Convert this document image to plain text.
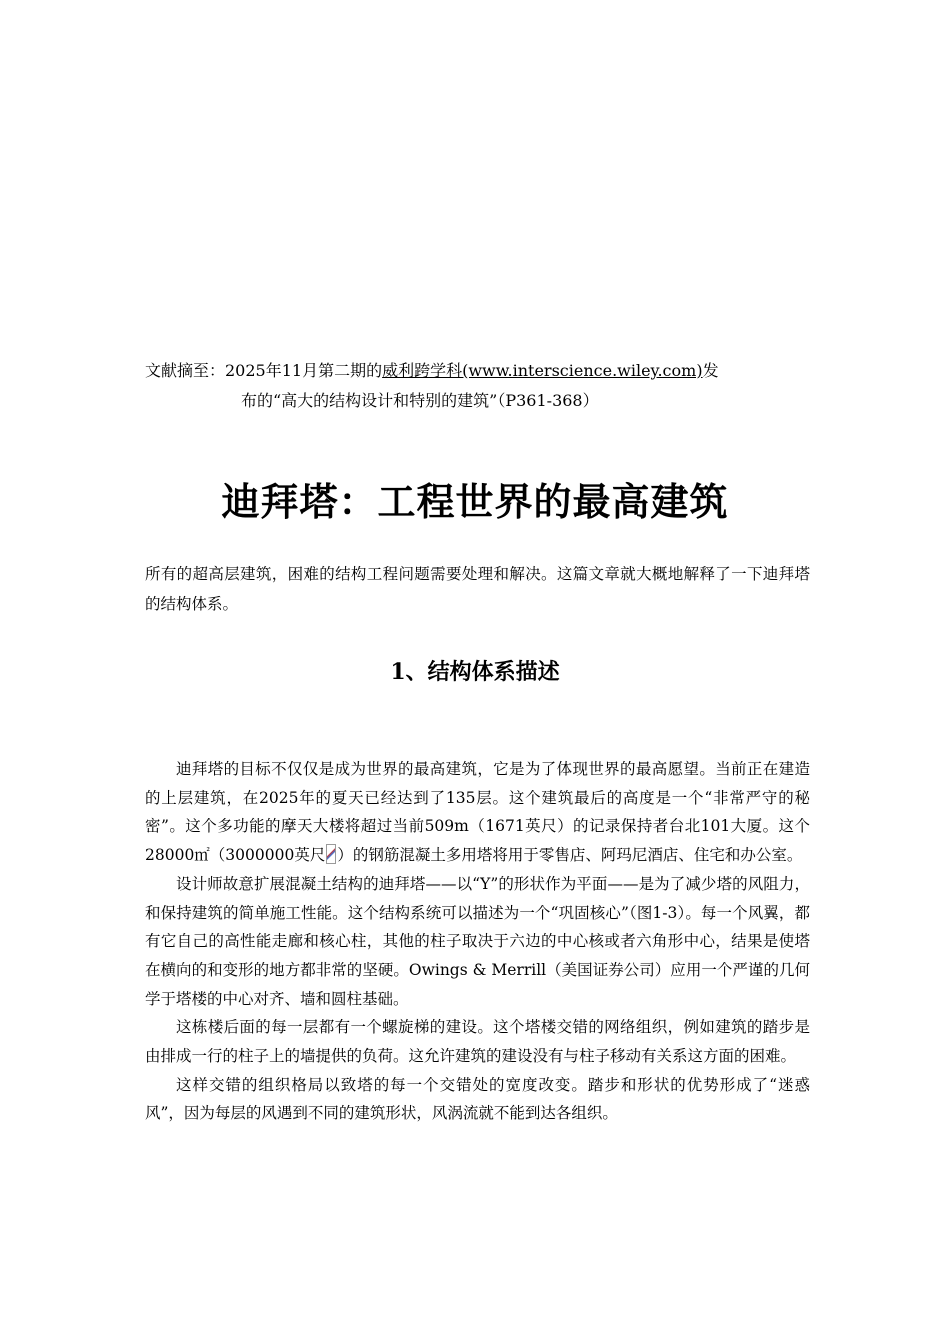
文献摘至：2025年11月第二期的威利跨学科(www.interscience.wiley.com)发
布的“高大的结构设计和特别的建筑”（P361-368）
迪拜塔：工程世界的最高建筑
所有的超高层建筑，困难的结构工程问题需要处理和解决。这篇文章就大概地解释了一下迪拜塔的结构体系。
1、结构体系描述

迪拜塔的目标不仅仅是成为世界的最高建筑，它是为了体现世界的最高愿望。当前正在建造的上层建筑，在2025年的夏天已经达到了135层。这个建筑最后的高度是一个“非常严守的秘密”。这个多功能的摩天大楼将超过当前509m（1671英尺）的记录保持者台北101大厦。这个28000㎡（3000000英尺 ）的钢筋混凝土多用塔将用于零售店、阿玛尼酒店、住宅和办公室。

设计师故意扩展混凝土结构的迪拜塔——以“Y”的形状作为平面——是为了减少塔的风阻力，和保持建筑的简单施工性能。这个结构系统可以描述为一个“巩固核心”（图1-3）。每一个风翼，都有它自己的高性能走廊和核心柱，其他的柱子取决于六边的中心核或者六角形中心，结果是使塔在横向的和变形的地方都非常的坚硬。Owings & Merrill（美国证券公司）应用一个严谨的几何学于塔楼的中心对齐、墙和圆柱基础。

这栋楼后面的每一层都有一个螺旋梯的建设。这个塔楼交错的网络组织，例如建筑的踏步是由排成一行的柱子上的墙提供的负荷。这允许建筑的建设没有与柱子移动有关系这方面的困难。

这样交错的组织格局以致塔的每一个交错处的宽度改变。踏步和形状的优势形成了“迷惑风”，因为每层的风遇到不同的建筑形状，风涡流就不能到达各组织。
